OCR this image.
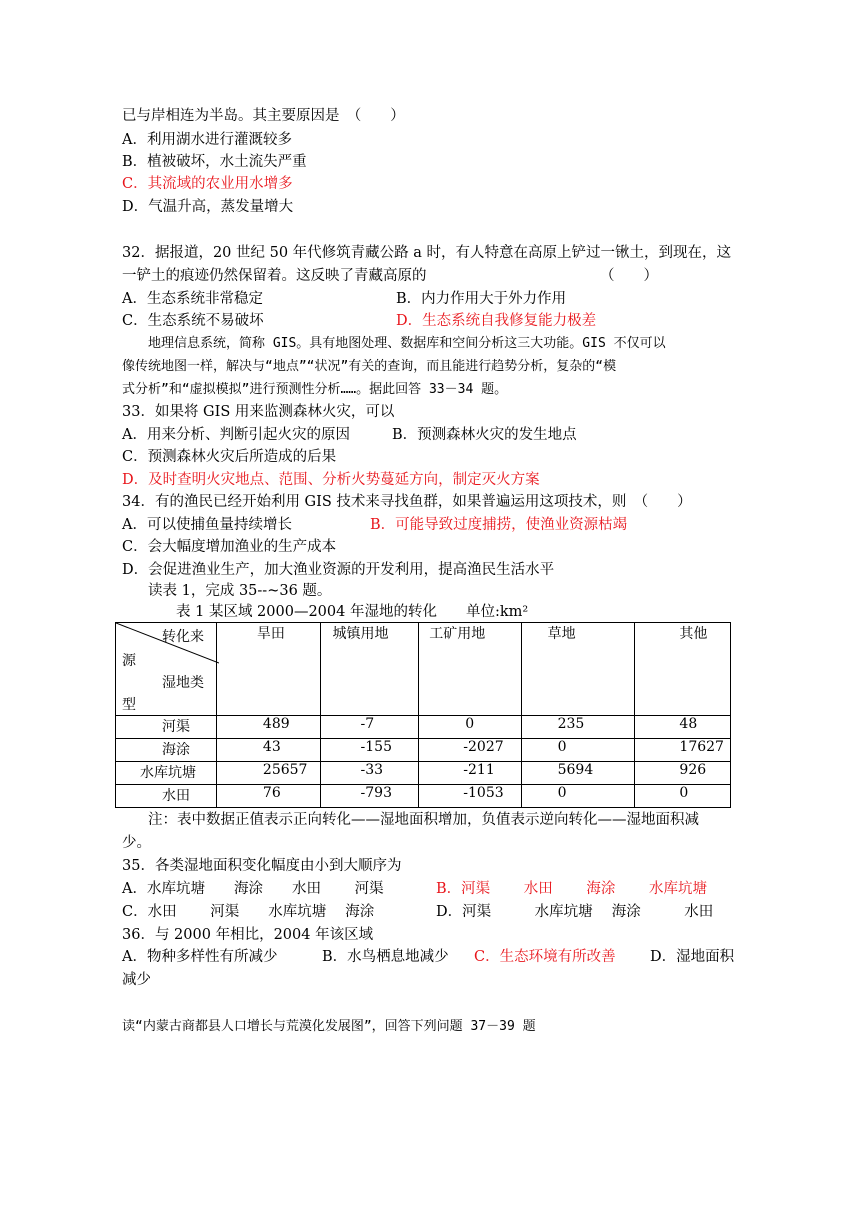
已与岸相连为半岛。其主要原因是　（　　）
A．利用湖水进行灌溉较多
B．植被破坏，水土流失严重
C．其流域的农业用水增多
D．气温升高，蒸发量增大
32．据报道，20 世纪 50 年代修筑青藏公路 a 时，有人特意在高原上铲过一锹土，到现在，这
一铲土的痕迹仍然保留着。这反映了青藏高原的	（　　）
A．生态系统非常稳定	B．内力作用大于外力作用
C．生态系统不易破坏	D．生态系统自我修复能力极差
地理信息系统，简称 GIS。具有地图处理、数据库和空间分析这三大功能。GIS 不仅可以
像传统地图一样，解决与“地点”“状况”有关的查询，而且能进行趋势分析，复杂的“模
式分析”和“虚拟模拟”进行预测性分析……。据此回答 33－34 题。
33．如果将 GIS 用来监测森林火灾，可以
A．用来分析、判断引起火灾的原因	B．预测森林火灾的发生地点
C．预测森林火灾后所造成的后果
D．及时查明火灾地点、范围、分析火势蔓延方向，制定灭火方案
34．有的渔民已经开始利用 GIS 技术来寻找鱼群，如果普遍运用这项技术，则　（　　）
A．可以使捕鱼量持续增长	B．可能导致过度捕捞，使渔业资源枯竭
C．会大幅度增加渔业的生产成本
D．会促进渔业生产，加大渔业资源的开发利用，提高渔民生活水平
读表 1，完成 35--~36 题。
表 1 某区域 2000—2004 年湿地的转化　　单位:km²
转化来
源
湿地类
型	旱田	城镇用地	工矿用地	草地	其他
河渠	489	-7	0	235	48
海涂	43	-155	-2027	0	17627
水库坑塘	25657	-33	-211	5694	926
水田	76	-793	-1053	0	0
注：表中数据正值表示正向转化——湿地面积增加，负值表示逆向转化——湿地面积减
少。
35．各类湿地面积变化幅度由小到大顺序为
A．水库坑塘　　海涂　　水田　　 河渠	B．河渠　　 水田　　 海涂　　 水库坑塘
C．水田　　 河渠　　水库坑塘　 海涂	D．河渠　　　水库坑塘　 海涂　　　水田
36．与 2000 年相比，2004 年该区域
A．物种多样性有所减少	B．水鸟栖息地减少 C．生态环境有所改善 D．湿地面积
减少
读“内蒙古商都县人口增长与荒漠化发展图”，回答下列问题 37－39 题
